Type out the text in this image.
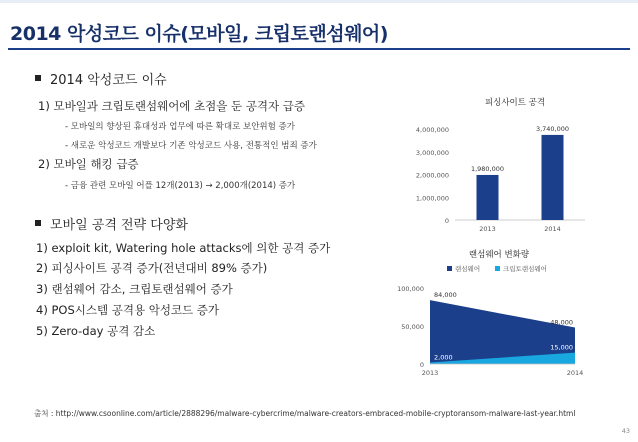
2014 악성코드 이슈(모바일, 크립토랜섬웨어)
2014 악성코드 이슈
1) 모바일과 크립토랜섬웨어에 초점을 둔 공격자 급증
- 모바일의 향상된 휴대성과 업무에 따른 확대로 보안위험 증가
- 새로운 악성코드 개발보다 기존 악성코드 사용, 전통적인 범죄 증가
2) 모바일 해킹 급증
- 금융 관련 모바일 어플 12개(2013) → 2,000개(2014) 증가
모바일 공격 전략 다양화
1) exploit kit, Watering hole attacks에 의한 공격 증가
2) 피싱사이트 공격 증가(전년대비 89% 증가)
3) 랜섬웨어 감소, 크립토랜섬웨어 증가
4) POS시스템 공격용 악성코드 증가
5) Zero-day 공격 감소
피싱사이트 공격
0
1,000,000
2,000,000
3,000,000
4,000,000
1,980,000
2013
3,740,000
2014
랜섬웨어 변화량
랜섬웨어	크립토랜섬웨어
0
50,000
100,000
84,000
48,000
2,000
15,000
2013	2014
출처 : http://www.csoonline.com/article/2888296/malware-cybercrime/malware-creators-embraced-mobile-cryptoransom-malware-last-year.html
43
